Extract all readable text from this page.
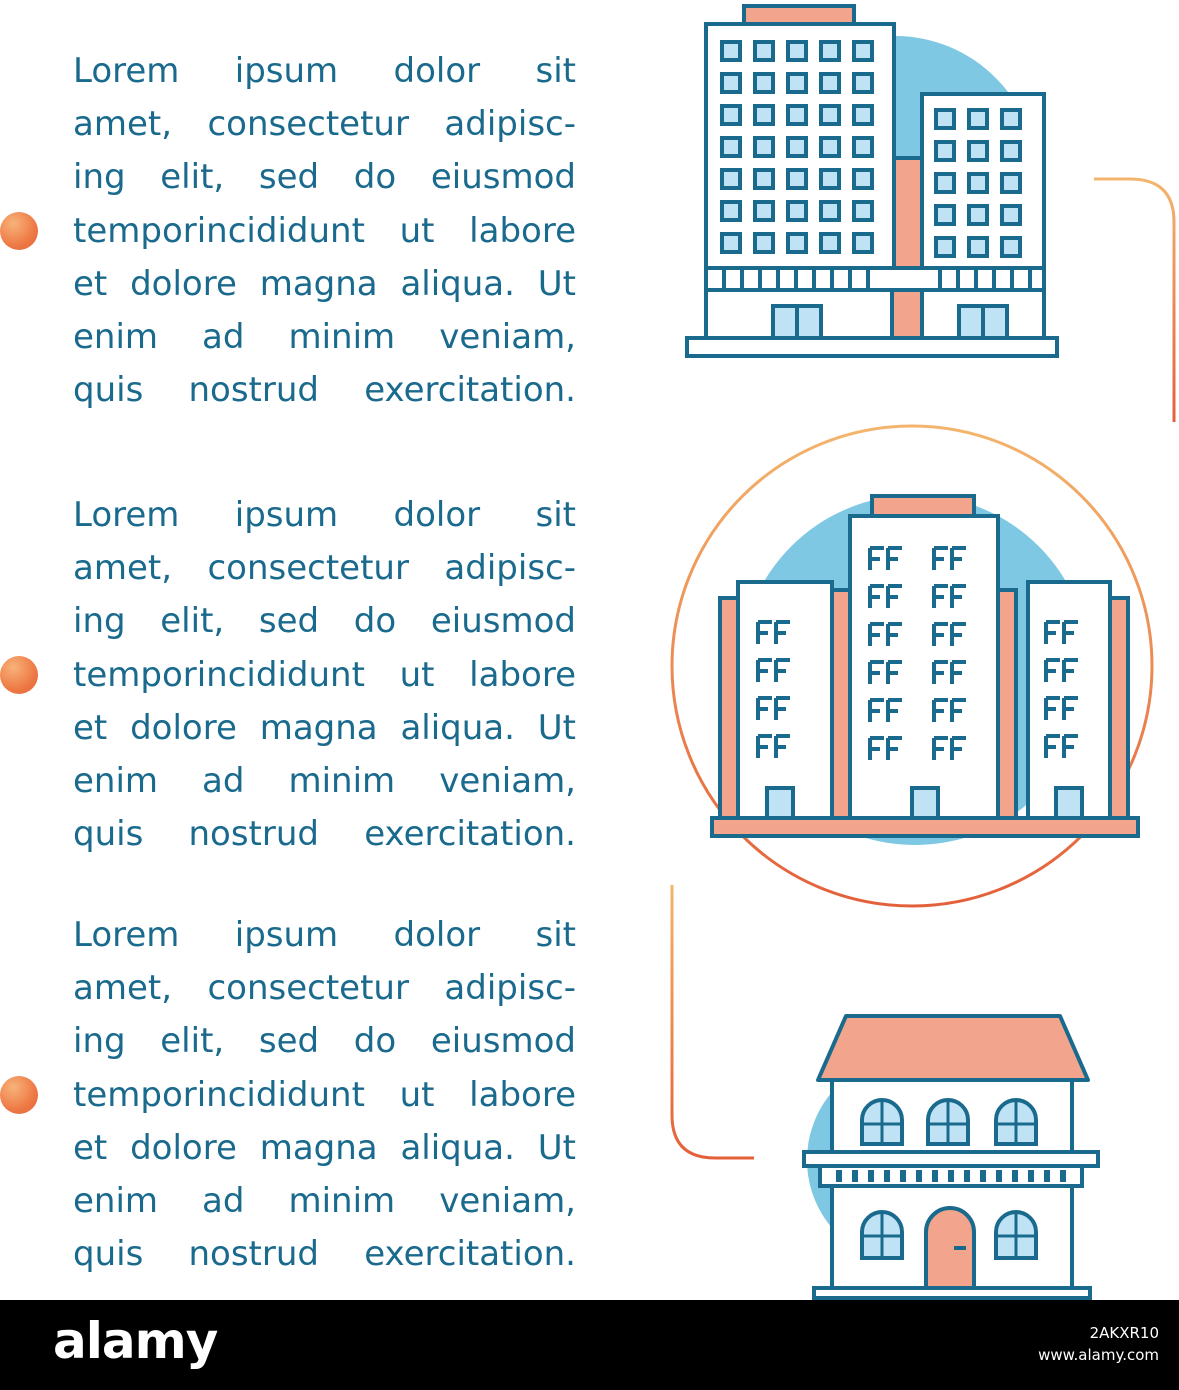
Lorem ipsum dolor sit
amet, consectetur adipisc-
ing elit, sed do eiusmod
temporincididunt ut labore
et dolore magna aliqua. Ut
enim ad minim veniam,
quis nostrud exercitation.

Lorem ipsum dolor sit
amet, consectetur adipisc-
ing elit, sed do eiusmod
temporincididunt ut labore
et dolore magna aliqua. Ut
enim ad minim veniam,
quis nostrud exercitation.

Lorem ipsum dolor sit
amet, consectetur adipisc-
ing elit, sed do eiusmod
temporincididunt ut labore
et dolore magna aliqua. Ut
enim ad minim veniam,
quis nostrud exercitation.

alamy	2AKXR10
www.alamy.com
